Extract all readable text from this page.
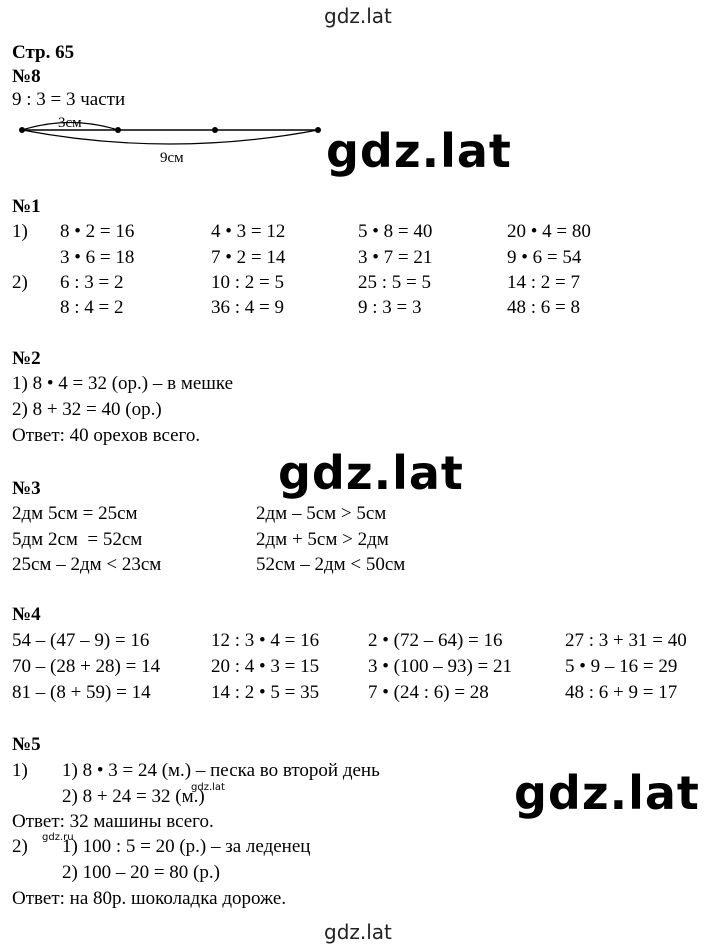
gdz.lat
gdz.lat
gdz.lat
gdz.lat
gdz.lat
Стр. 65
№8
9 : 3 = 3 части
3см
9см
№1
1)
2)
8 • 2 = 16	4 • 3 = 12	5 • 8 = 40	20 • 4 = 80
3 • 6 = 18	7 • 2 = 14	3 • 7 = 21	9 • 6 = 54
6 : 3 = 2	10 : 2 = 5	25 : 5 = 5	14 : 2 = 7
8 : 4 = 2	36 : 4 = 9	9 : 3 = 3	48 : 6 = 8
№2
1) 8 • 4 = 32 (ор.) – в мешке
2) 8 + 32 = 40 (ор.)
Ответ: 40 орехов всего.
№3
2дм 5см = 25см	2дм – 5см > 5см
5дм 2см  = 52см	2дм + 5см > 2дм
25см – 2дм < 23см	52см – 2дм < 50см
№4
54 – (47 – 9) = 16	12 : 3 • 4 = 16	2 • (72 – 64) = 16	27 : 3 + 31 = 40
70 – (28 + 28) = 14	20 : 4 • 3 = 15	3 • (100 – 93) = 21	5 • 9 – 16 = 29
81 – (8 + 59) = 14	14 : 2 • 5 = 35	7 • (24 : 6) = 28	48 : 6 + 9 = 17
№5
1) 1) 8 • 3 = 24 (м.) – песка во второй день
2) 8 + 24 = 32 (м.)
gdz.lat
Ответ: 32 машины всего.
2) 1) 100 : 5 = 20 (р.) – за леденец
gdz.ru
2) 100 – 20 = 80 (р.)
Ответ: на 80р. шоколадка дороже.
